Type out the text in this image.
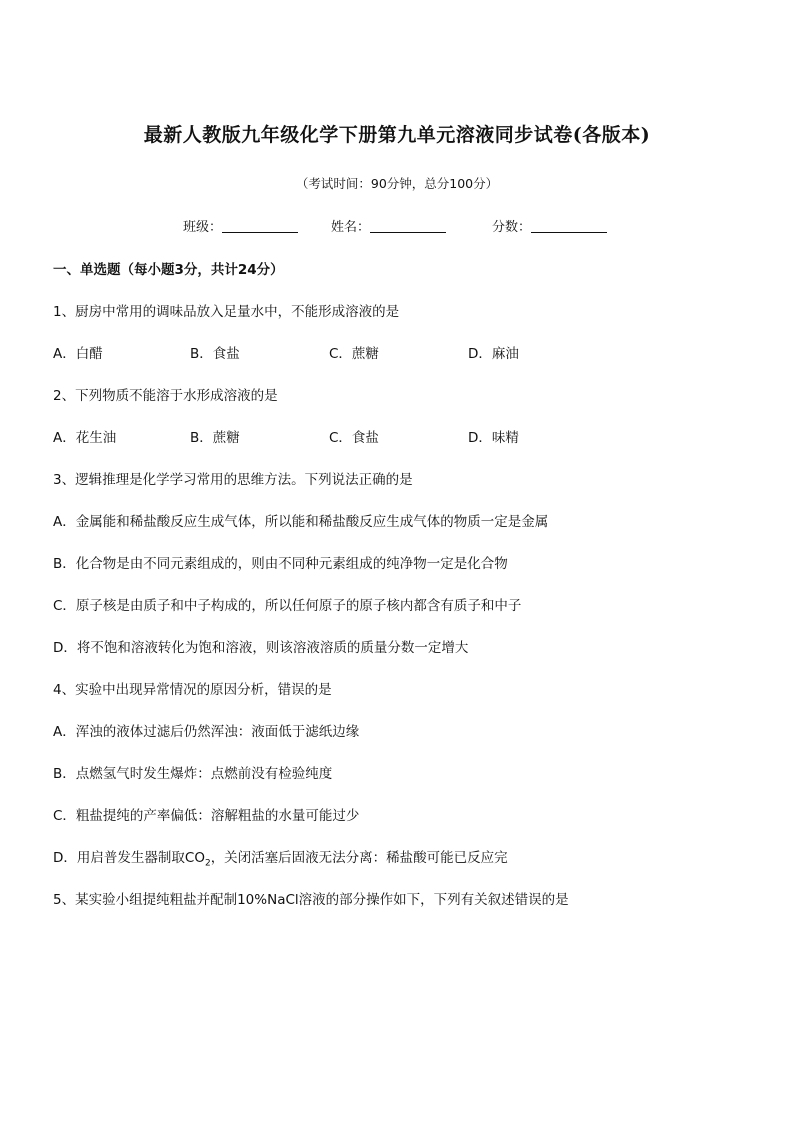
最新人教版九年级化学下册第九单元溶液同步试卷(各版本)
（考试时间：90分钟，总分100分）
班级：	姓名：	分数：
一、单选题（每小题3分，共计24分）
1、厨房中常用的调味品放入足量水中，不能形成溶液的是
A．白醋	B．食盐	C．蔗糖	D．麻油
2、下列物质不能溶于水形成溶液的是
A．花生油	B．蔗糖	C．食盐	D．味精
3、逻辑推理是化学学习常用的思维方法。下列说法正确的是
A．金属能和稀盐酸反应生成气体，所以能和稀盐酸反应生成气体的物质一定是金属
B．化合物是由不同元素组成的，则由不同种元素组成的纯净物一定是化合物
C．原子核是由质子和中子构成的，所以任何原子的原子核内都含有质子和中子
D．将不饱和溶液转化为饱和溶液，则该溶液溶质的质量分数一定增大
4、实验中出现异常情况的原因分析，错误的是
A．浑浊的液体过滤后仍然浑浊：液面低于滤纸边缘
B．点燃氢气时发生爆炸：点燃前没有检验纯度
C．粗盐提纯的产率偏低：溶解粗盐的水量可能过少
D．用启普发生器制取$CO_2$，关闭活塞后固液无法分离：稀盐酸可能已反应完
5、某实验小组提纯粗盐并配制10%NaCl溶液的部分操作如下，下列有关叙述错误的是
